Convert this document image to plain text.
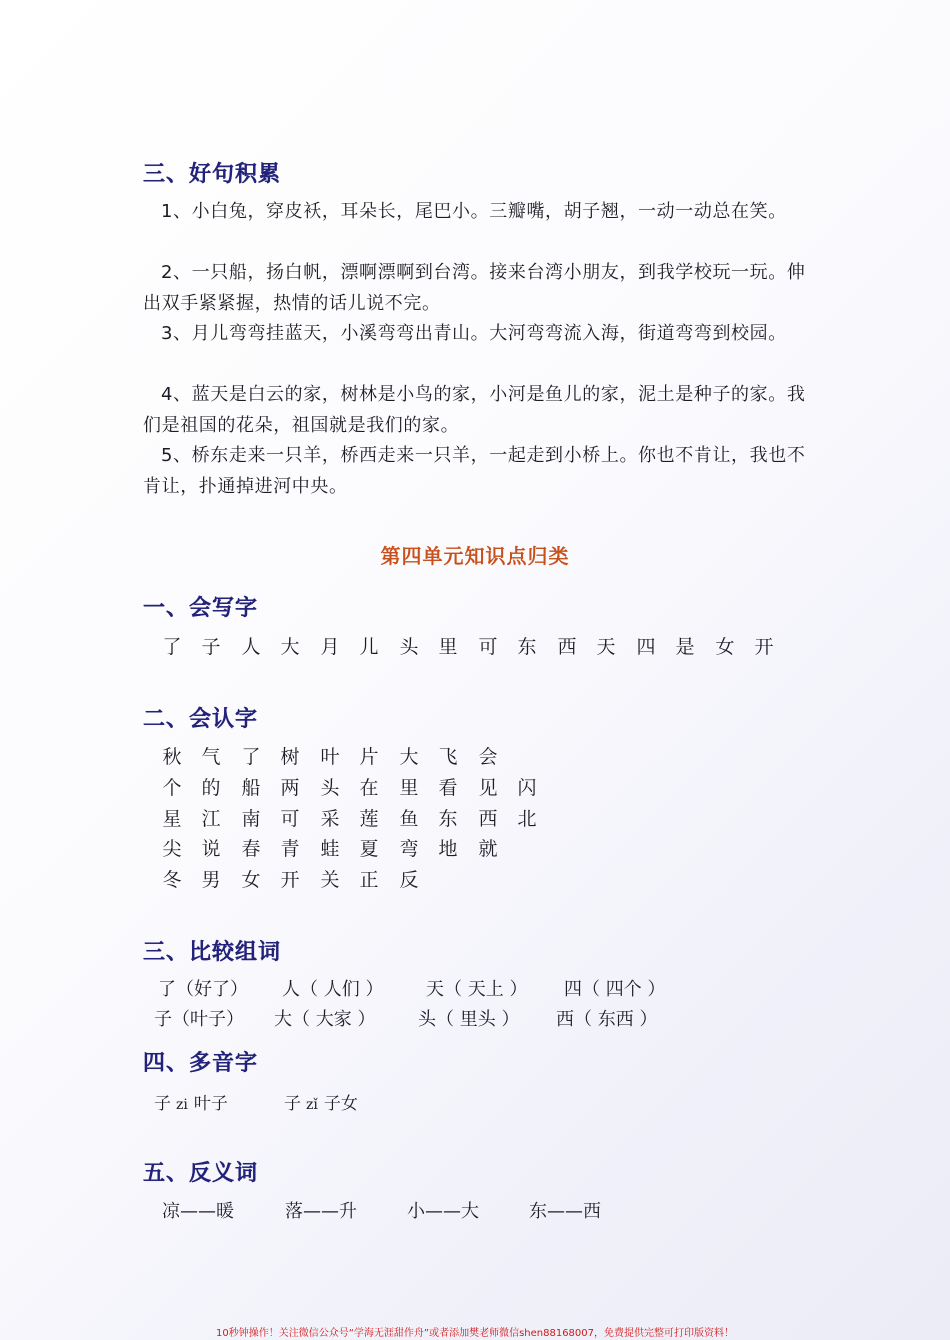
三、好句积累

1、小白兔，穿皮袄，耳朵长，尾巴小。三瓣嘴，胡子翘，一动一动总在笑。

2、一只船，扬白帆，漂啊漂啊到台湾。接来台湾小朋友，到我学校玩一玩。伸出双手紧紧握，热情的话儿说不完。

3、月儿弯弯挂蓝天，小溪弯弯出青山。大河弯弯流入海，街道弯弯到校园。

4、蓝天是白云的家，树林是小鸟的家，小河是鱼儿的家，泥土是种子的家。我们是祖国的花朵，祖国就是我们的家。

5、桥东走来一只羊，桥西走来一只羊，一起走到小桥上。你也不肯让，我也不肯让，扑通掉进河中央。

第四单元知识点归类
一、会写字
了 子 人 大 月 儿 头 里 可 东 西 天 四 是 女 开
二、会认字
秋 气 了 树 叶 片 大 飞 会
个 的 船 两 头 在 里 看 见 闪
星 江 南 可 采 莲 鱼 东 西 北
尖 说 春 青 蛙 夏 弯 地 就
冬 男 女 开 关 正 反
三、比较组词
了（好了） 人（ 人们 ） 天（ 天上 ） 四（ 四个 ）
子（叶子） 大（ 大家 ） 头（ 里头 ） 西（ 东西 ）
四、多音字
子 zi 叶子	子 zǐ 子女
五、反义词
凉——暖	落——升	小——大	东——西

10秒钟操作！关注微信公众号“学海无涯甜作舟”或者添加樊老师微信shen88168007，免费提供完整可打印版资料！
